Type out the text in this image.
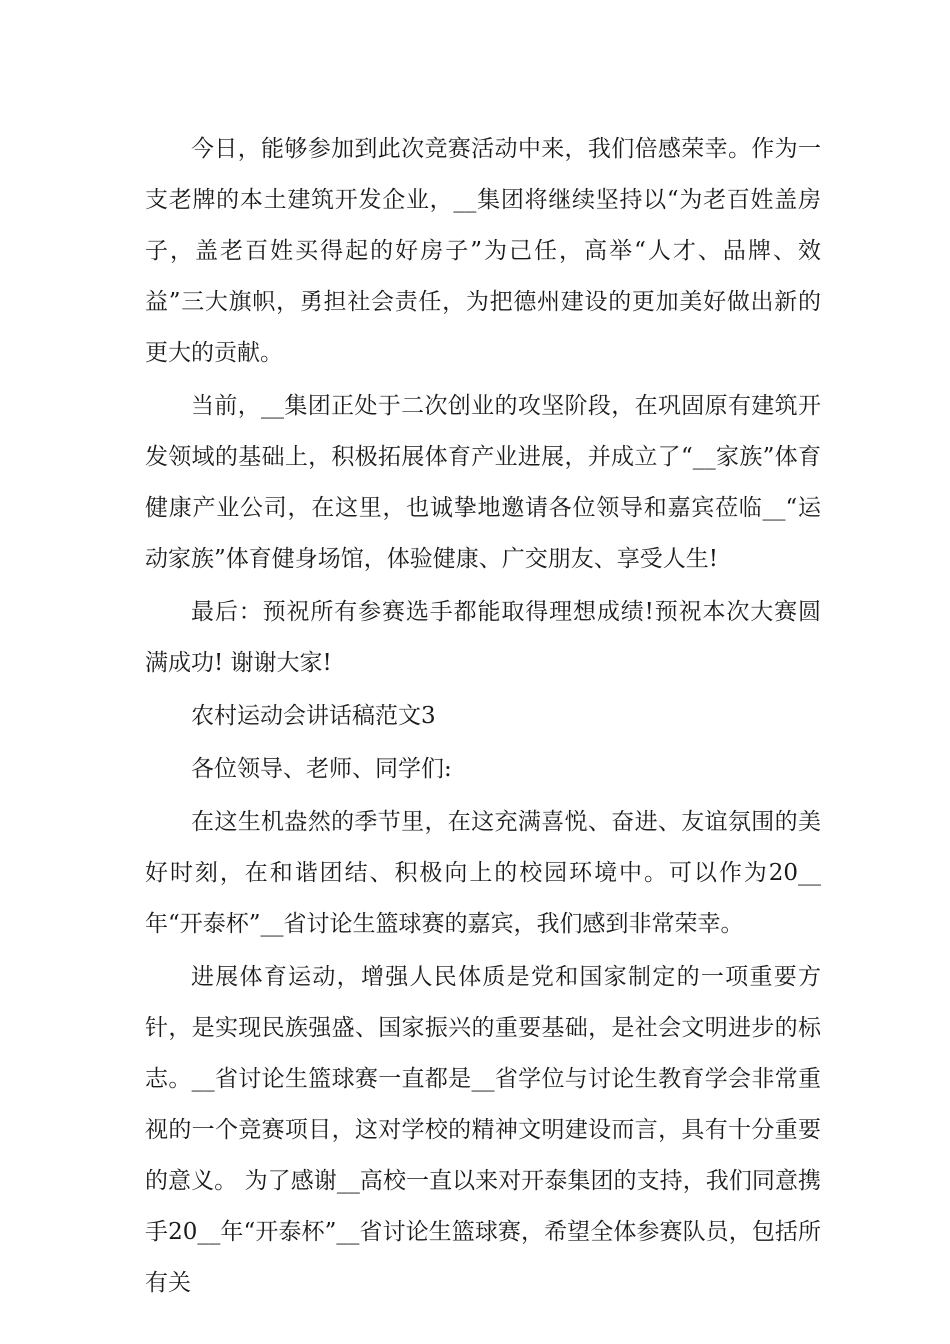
今日，能够参加到此次竞赛活动中来，我们倍感荣幸。作为一支老牌的本土建筑开发企业，__集团将继续坚持以“为老百姓盖房子，盖老百姓买得起的好房子”为己任，高举“人才、品牌、效益”三大旗帜，勇担社会责任，为把德州建设的更加美好做出新的更大的贡献。

当前，__集团正处于二次创业的攻坚阶段，在巩固原有建筑开发领域的基础上，积极拓展体育产业进展，并成立了“__家族”体育健康产业公司，在这里，也诚挚地邀请各位领导和嘉宾莅临__“运动家族”体育健身场馆，体验健康、广交朋友、享受人生!

最后：预祝所有参赛选手都能取得理想成绩!预祝本次大赛圆满成功! 谢谢大家!

农村运动会讲话稿范文3

各位领导、老师、同学们:

在这生机盎然的季节里，在这充满喜悦、奋进、友谊氛围的美好时刻，在和谐团结、积极向上的校园环境中。可以作为20__年“开泰杯”__省讨论生篮球赛的嘉宾，我们感到非常荣幸。

进展体育运动，增强人民体质是党和国家制定的一项重要方针，是实现民族强盛、国家振兴的重要基础，是社会文明进步的标志。__省讨论生篮球赛一直都是__省学位与讨论生教育学会非常重视的一个竞赛项目，这对学校的精神文明建设而言，具有十分重要的意义。 为了感谢__高校一直以来对开泰集团的支持，我们同意携手20__年“开泰杯”__省讨论生篮球赛，希望全体参赛队员，包括所有关
